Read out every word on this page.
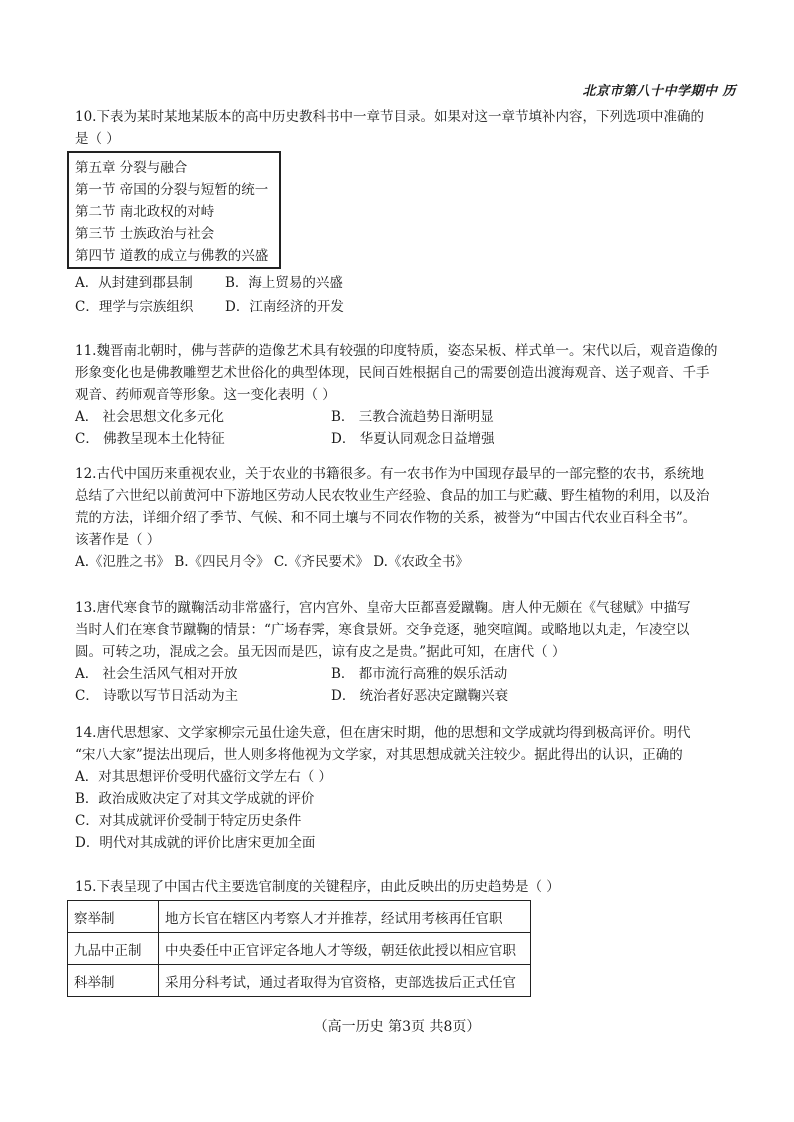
北京市第八十中学期中 历

10.下表为某时某地某版本的高中历史教科书中一章节目录。如果对这一章节填补内容，下列选项中准确的

是（ ）

第五章 分裂与融合
第一节 帝国的分裂与短暂的统一
第二节 南北政权的对峙
第三节 士族政治与社会
第四节 道教的成立与佛教的兴盛
A．从封建到郡县制	B．海上贸易的兴盛
C．理学与宗族组织	D．江南经济的开发

11.魏晋南北朝时，佛与菩萨的造像艺术具有较强的印度特质，姿态呆板、样式单一。宋代以后，观音造像的

形象变化也是佛教雕塑艺术世俗化的典型体现，民间百姓根据自己的需要创造出渡海观音、送子观音、千手

观音、药师观音等形象。这一变化表明（ ）

A． 社会思想文化多元化	B． 三教合流趋势日渐明显
C． 佛教呈现本土化特征	D． 华夏认同观念日益增强

12.古代中国历来重视农业，关于农业的书籍很多。有一农书作为中国现存最早的一部完整的农书，系统地

总结了六世纪以前黄河中下游地区劳动人民农牧业生产经验、食品的加工与贮藏、野生植物的利用，以及治

荒的方法，详细介绍了季节、气候、和不同土壤与不同农作物的关系，被誉为“中国古代农业百科全书”。

该著作是（ ）

A.《氾胜之书》 B.《四民月令》 C.《齐民要术》 D.《农政全书》

13.唐代寒食节的蹴鞠活动非常盛行，宫内宫外、皇帝大臣都喜爱蹴鞠。唐人仲无颇在《气毬赋》中描写

当时人们在寒食节蹴鞠的情景：“广场春霁，寒食景妍。交争竞逐，驰突喧阗。或略地以丸走，乍凌空以

圆。可转之功，混成之会。虽无因而是匹，谅有皮之是贵。”据此可知，在唐代（ ）

A． 社会生活风气相对开放	B． 都市流行高雅的娱乐活动
C． 诗歌以写节日活动为主	D． 统治者好恶决定蹴鞠兴衰

14.唐代思想家、文学家柳宗元虽仕途失意，但在唐宋时期，他的思想和文学成就均得到极高评价。明代

“宋八大家”提法出现后，世人则多将他视为文学家，对其思想成就关注较少。据此得出的认识，正确的

A．对其思想评价受明代盛衍文学左右（ ）

B．政治成败决定了对其文学成就的评价

C．对其成就评价受制于特定历史条件

D．明代对其成就的评价比唐宋更加全面

15.下表呈现了中国古代主要选官制度的关键程序，由此反映出的历史趋势是（ ）

察举制	地方长官在辖区内考察人才并推荐，经试用考核再任官职
九品中正制	中央委任中正官评定各地人才等级，朝廷依此授以相应官职
科举制	采用分科考试，通过者取得为官资格，吏部选拔后正式任官
（高一历史 第3页 共8页）
